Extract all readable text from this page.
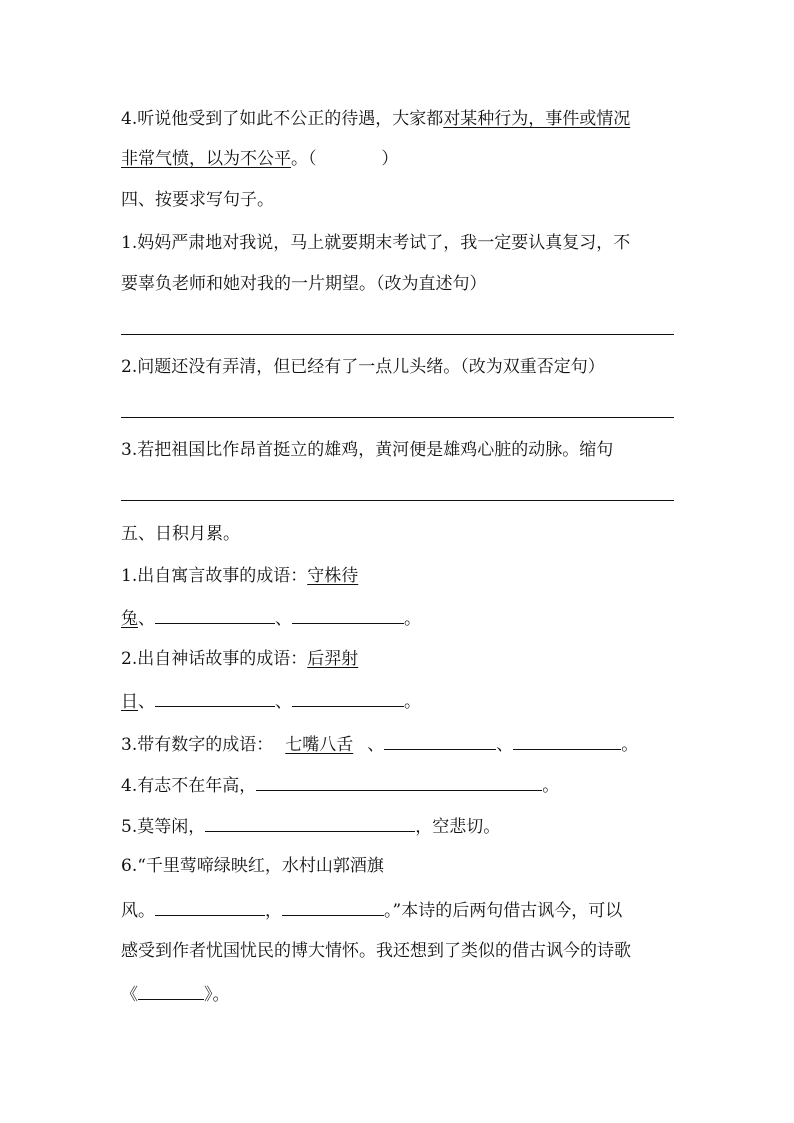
4.听说他受到了如此不公正的待遇，大家都对某种行为，事件或情况
非常气愤，以为不公平。（            ）
四、按要求写句子。
1.妈妈严肃地对我说，马上就要期末考试了，我一定要认真复习，不
要辜负老师和她对我的一片期望。（改为直述句）
2.问题还没有弄清，但已经有了一点儿头绪。（改为双重否定句）
3.若把祖国比作昂首挺立的雄鸡，黄河便是雄鸡心脏的动脉。缩句
五、日积月累。
1.出自寓言故事的成语：守株待
兔、	、	。
2.出自神话故事的成语：后羿射
日、	、	。
3.带有数字的成语： 七嘴八舌 、	、	。
4.有志不在年高，	。
5.莫等闲，	，空悲切。
6.“千里莺啼绿映红，水村山郭酒旗
风。	，	。”本诗的后两句借古讽今，可以
感受到作者忧国忧民的博大情怀。我还想到了类似的借古讽今的诗歌
《	》。
